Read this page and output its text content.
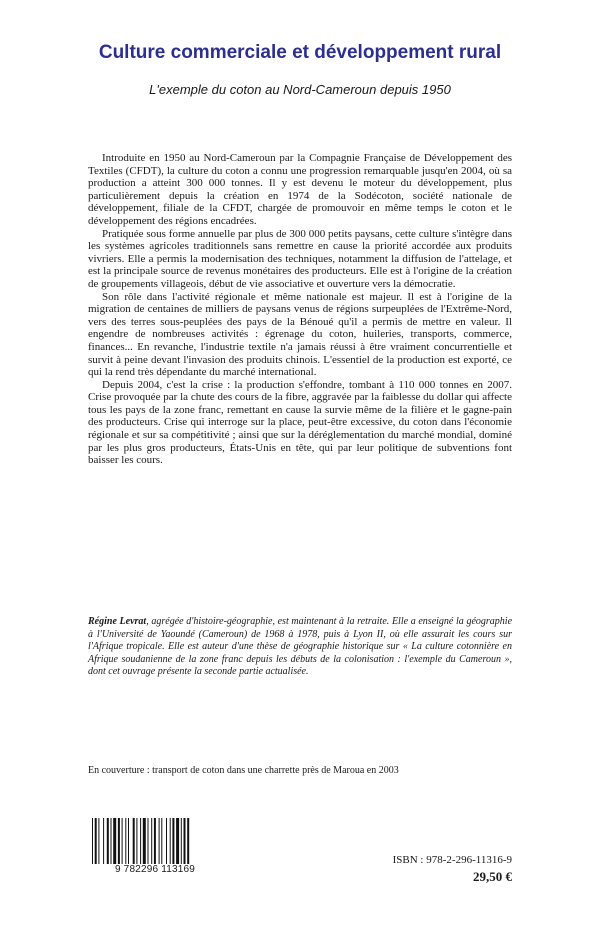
Culture commerciale et développement rural
L'exemple du coton au Nord-Cameroun depuis 1950

Introduite en 1950 au Nord-Cameroun par la Compagnie Française de Développement des Textiles (CFDT), la culture du coton a connu une progression remarquable jusqu'en 2004, où sa production a atteint 300 000 tonnes. Il y est devenu le moteur du développement, plus particulièrement depuis la création en 1974 de la Sodécoton, société nationale de développement, filiale de la CFDT, chargée de promouvoir en même temps le coton et le développement des régions encadrées.

Pratiquée sous forme annuelle par plus de 300 000 petits paysans, cette culture s'intègre dans les systèmes agricoles traditionnels sans remettre en cause la priorité accordée aux produits vivriers. Elle a permis la modernisation des techniques, notamment la diffusion de l'attelage, et est la principale source de revenus monétaires des producteurs. Elle est à l'origine de la création de groupements villageois, début de vie associative et ouverture vers la démocratie.

Son rôle dans l'activité régionale et même nationale est majeur. Il est à l'origine de la migration de centaines de milliers de paysans venus de régions surpeuplées de l'Extrême-Nord, vers des terres sous-peuplées des pays de la Bénoué qu'il a permis de mettre en valeur. Il engendre de nombreuses activités : égrenage du coton, huileries, transports, commerce, finances... En revanche, l'industrie textile n'a jamais réussi à être vraiment concurrentielle et survit à peine devant l'invasion des produits chinois. L'essentiel de la production est exporté, ce qui la rend très dépendante du marché international.

Depuis 2004, c'est la crise : la production s'effondre, tombant à 110 000 tonnes en 2007. Crise provoquée par la chute des cours de la fibre, aggravée par la faiblesse du dollar qui affecte tous les pays de la zone franc, remettant en cause la survie même de la filière et le gagne-pain des producteurs. Crise qui interroge sur la place, peut-être excessive, du coton dans l'économie régionale et sur sa compétitivité ; ainsi que sur la déréglementation du marché mondial, dominé par les plus gros producteurs, États-Unis en tête, qui par leur politique de subventions font baisser les cours.

Régine Levrat, agrégée d'histoire-géographie, est maintenant à la retraite. Elle a enseigné la géographie à l'Université de Yaoundé (Cameroun) de 1968 à 1978, puis à Lyon II, où elle assurait les cours sur l'Afrique tropicale. Elle est auteur d'une thèse de géographie historique sur « La culture cotonnière en Afrique soudanienne de la zone franc depuis les débuts de la colonisation : l'exemple du Cameroun », dont cet ouvrage présente la seconde partie actualisée.
En couverture : transport de coton dans une charrette près de Maroua en 2003
9 782296 113169
ISBN : 978-2-296-11316-9
29,50 €
